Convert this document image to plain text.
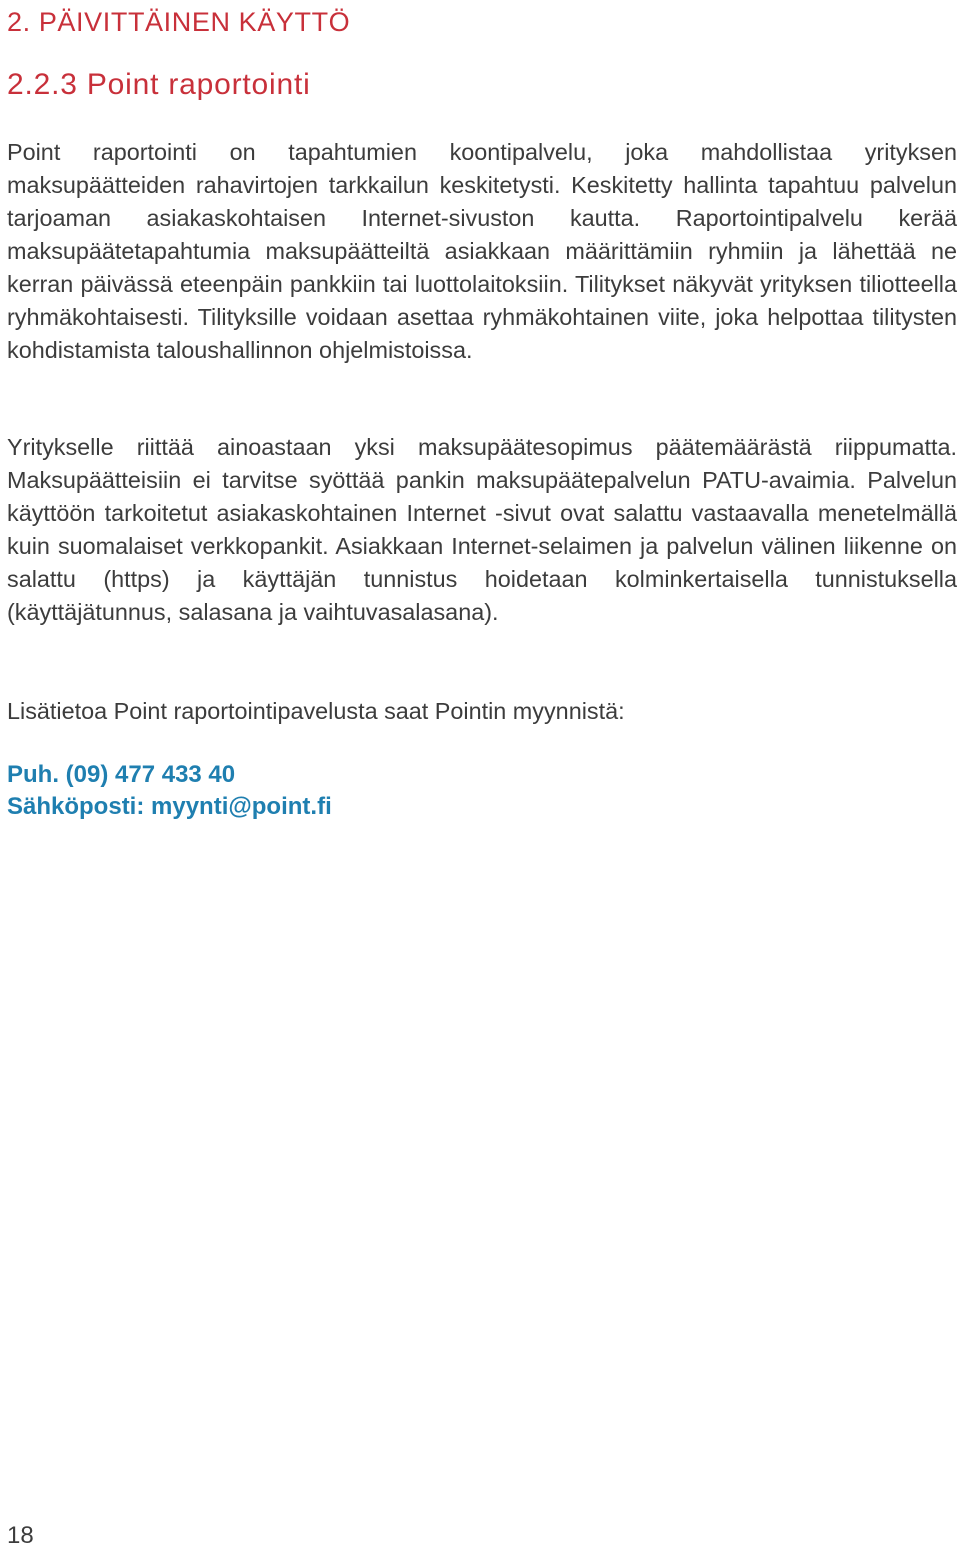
2. PÄIVITTÄINEN KÄYTTÖ
2.2.3 Point raportointi

Point raportointi on tapahtumien koontipalvelu, joka mahdollistaa yrityksen maksupäätteiden rahavirtojen tarkkailun keskitetysti. Keskitetty hallinta tapahtuu palvelun tarjoaman asiakaskohtaisen Internet-sivuston kautta. Raportointipalvelu kerää maksupäätetapahtumia maksupäätteiltä asiakkaan määrittämiin ryhmiin ja lähettää ne kerran päivässä eteenpäin pankkiin tai luottolaitoksiin. Tilitykset näkyvät yrityksen tiliotteella ryhmäkohtaisesti. Tilityksille voidaan asettaa ryhmäkohtainen viite, joka helpottaa tilitysten kohdistamista taloushallinnon ohjelmistoissa.

Yritykselle riittää ainoastaan yksi maksupäätesopimus päätemäärästä riippumatta. Maksupäätteisiin ei tarvitse syöttää pankin maksupäätepalvelun PATU-avaimia. Palvelun käyttöön tarkoitetut asiakaskohtainen Internet -sivut ovat salattu vastaavalla menetelmällä kuin suomalaiset verkkopankit. Asiakkaan Internet-selaimen ja palvelun välinen liikenne on salattu (https) ja käyttäjän tunnistus hoidetaan kolminkertaisella tunnistuksella (käyttäjätunnus, salasana ja vaihtuvasalasana).

Lisätietoa Point raportointipavelusta saat Pointin myynnistä:

Puh. (09) 477 433 40

Sähköposti: myynti@point.fi

18
